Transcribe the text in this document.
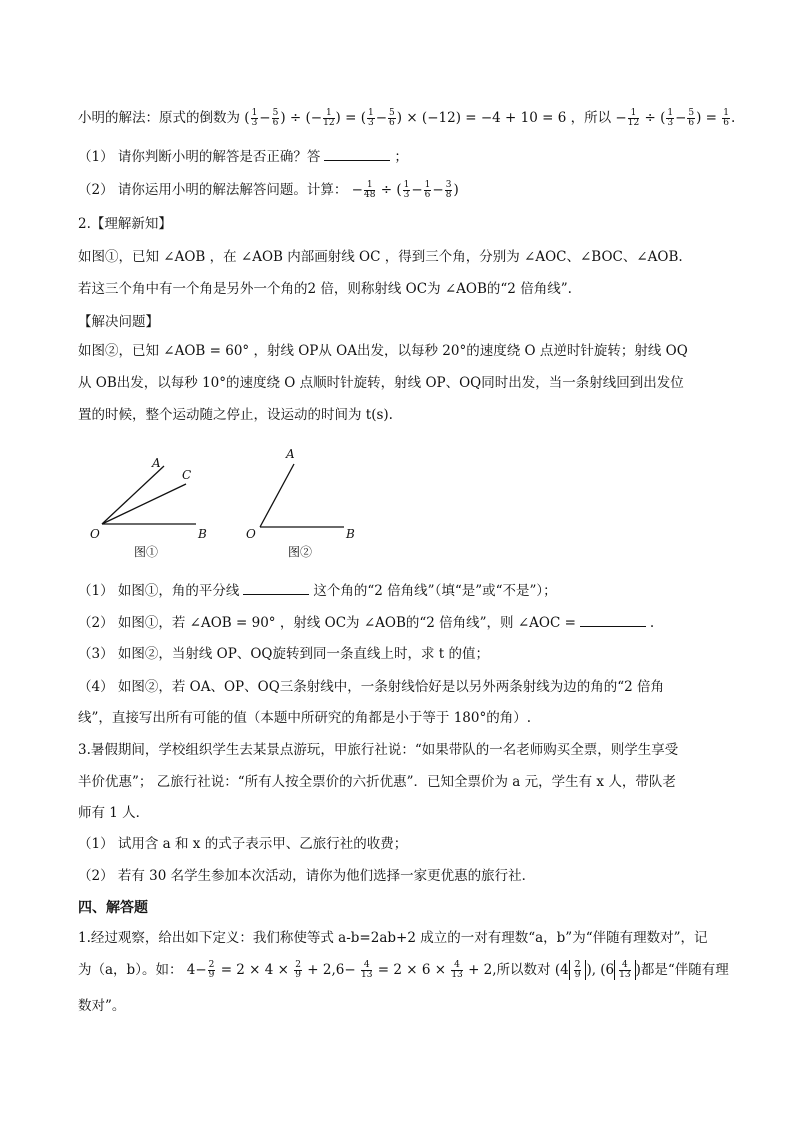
小明的解法：原式的倒数为 ( $\frac{1}{3} - \frac{5}{6}$ ) ÷ (− $\frac{1}{12}$ ) = ( $\frac{1}{3} - \frac{5}{6}$ ) × (−12) = −4 + 10 = 6 ，所以 − $\frac{1}{12}$ ÷ ( $\frac{1}{3} - \frac{5}{6}$ ) = $\frac{1}{6}$ .
（1） 请你判断小明的解答是否正确？答	；
（2） 请你运用小明的解法解答问题。计算： − $\frac{1}{48}$ ÷ ( $\frac{1}{3} - \frac{1}{6} - \frac{3}{8}$ )
2.【理解新知】
如图①，已知 ∠AOB ，在 ∠AOB 内部画射线 OC ，得到三个角，分别为 ∠AOC、∠BOC、∠AOB.
若这三个角中有一个角是另外一个角的2 倍，则称射线 OC为 ∠AOB的“2 倍角线”.
【解决问题】
如图②，已知 ∠AOB = 60° ，射线 OP从 OA出发，以每秒 20°的速度绕 O 点逆时针旋转；射线 OQ
从 OB出发，以每秒 10°的速度绕 O 点顺时针旋转，射线 OP、OQ同时出发，当一条射线回到出发位
置的时候，整个运动随之停止，设运动的时间为 t(s).
A
C
O	B
图①
A
O	B
图②
（1） 如图①，角的平分线	这个角的“2 倍角线”（填“是”或“不是”）；
（2） 如图①，若 ∠AOB = 90° ，射线 OC为 ∠AOB的“2 倍角线”，则 ∠AOC =	.
（3） 如图②，当射线 OP、OQ旋转到同一条直线上时，求 t 的值；
（4） 如图②，若 OA、OP、OQ三条射线中，一条射线恰好是以另外两条射线为边的角的“2 倍角
线”，直接写出所有可能的值（本题中所研究的角都是小于等于 180°的角）.
3.暑假期间，学校组织学生去某景点游玩，甲旅行社说：“如果带队的一名老师购买全票，则学生享受
半价优惠”； 乙旅行社说：“所有人按全票价的六折优惠”．已知全票价为 a 元，学生有 x 人，带队老
师有 1 人．
（1） 试用含 a 和 x 的式子表示甲、乙旅行社的收费；
（2） 若有 30 名学生参加本次活动，请你为他们选择一家更优惠的旅行社．
四、解答题
1.经过观察，给出如下定义：我们称使等式 a-b=2ab+2 成立的一对有理数“a，b”为“伴随有理数对”，记
为（a，b）。如： $4- \frac{2}{9} = 2 \times 4 \times \frac{2}{9} + 2,6- \frac{4}{13} = 2 \times 6 \times \frac{4}{13} + 2$,所以数对 ($4 \frac{2}{9}$ ), ($6 \frac{4}{13}$ )都是“伴随有理
数对”。
